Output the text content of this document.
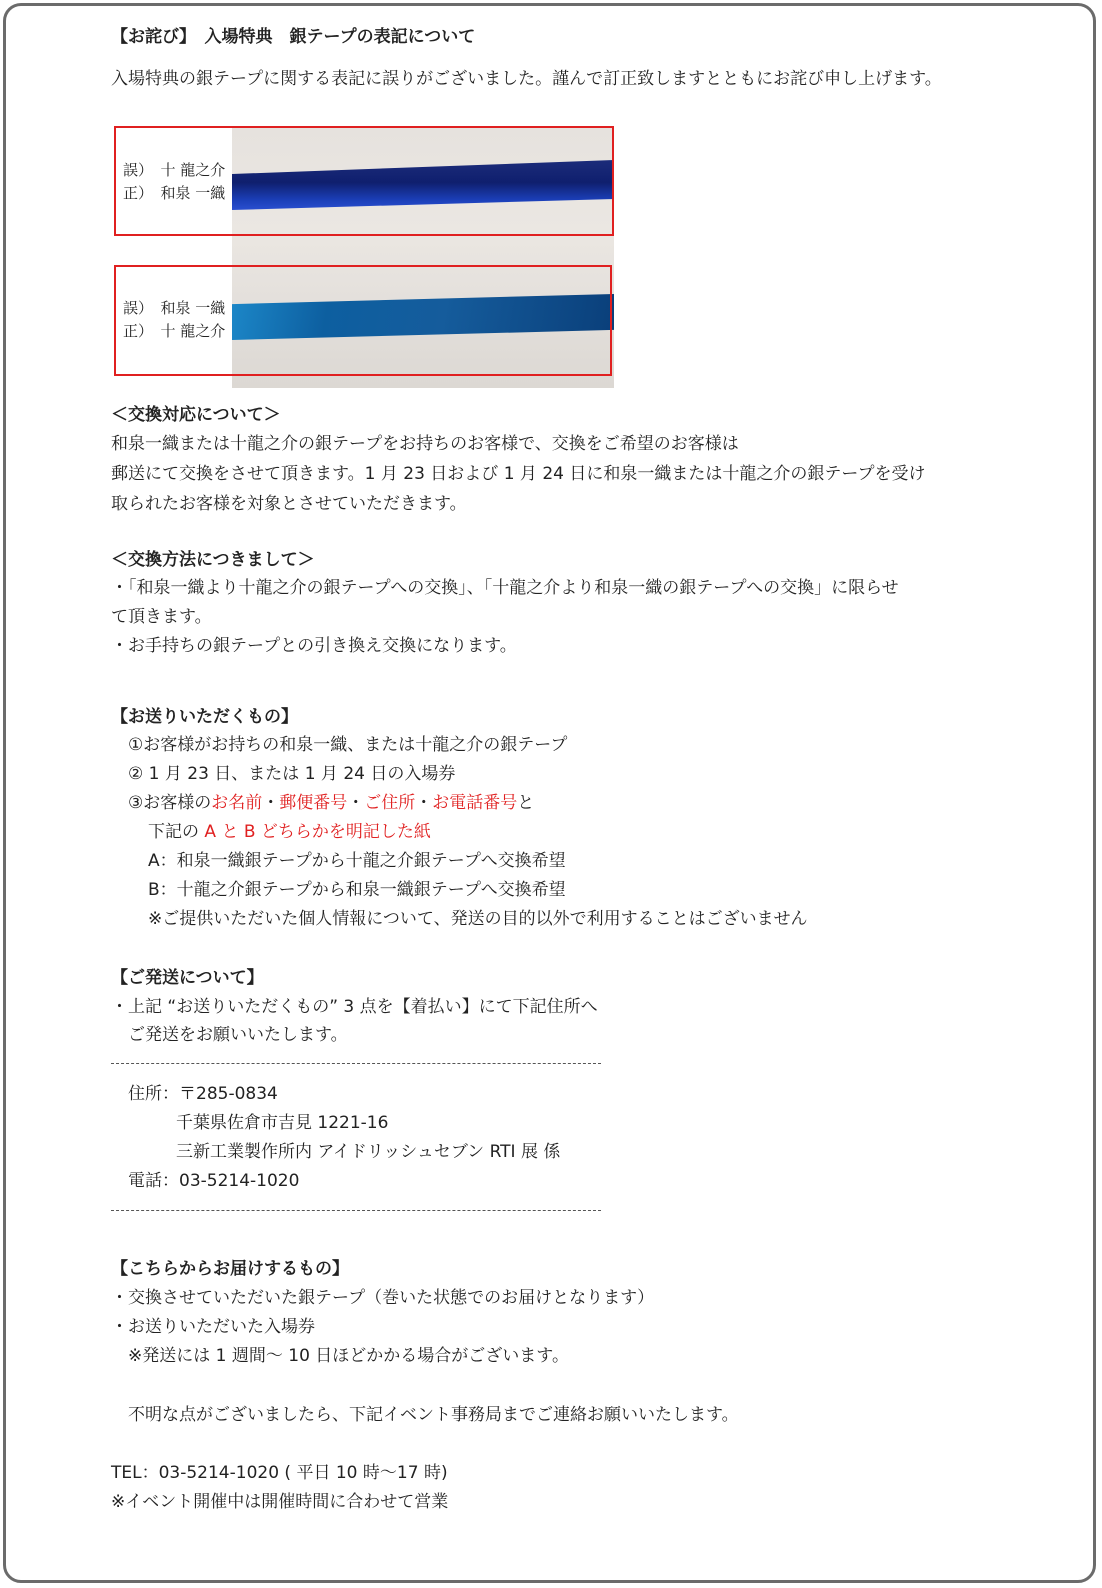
【お詫び】　入場特典　銀テープの表記について
入場特典の銀テープに関する表記に誤りがございました。謹んで訂正致しますとともにお詫び申し上げます。
誤）　十 龍之介
正）　和泉 一織
誤）　和泉 一織
正）　十 龍之介
＜交換対応について＞
和泉一織または十龍之介の銀テープをお持ちのお客様で、交換をご希望のお客様は
郵送にて交換をさせて頂きます。1 月 23 日および 1 月 24 日に和泉一織または十龍之介の銀テープを受け
取られたお客様を対象とさせていただきます。
＜交換方法につきまして＞
・「和泉一織より十龍之介の銀テープへの交換」、「十龍之介より和泉一織の銀テープへの交換」に限らせ
て頂きます。
・お手持ちの銀テープとの引き換え交換になります。
【お送りいただくもの】
①お客様がお持ちの和泉一織、または十龍之介の銀テープ
② 1 月 23 日、または 1 月 24 日の入場券
③お客様のお名前・郵便番号・ご住所・お電話番号と
下記の A と B どちらかを明記した紙
A：和泉一織銀テープから十龍之介銀テープへ交換希望
B：十龍之介銀テープから和泉一織銀テープへ交換希望
※ご提供いただいた個人情報について、発送の目的以外で利用することはございません
【ご発送について】
・上記 “お送りいただくもの” 3 点を【着払い】にて下記住所へ
ご発送をお願いいたします。
住所：〒285-0834
千葉県佐倉市吉見 1221-16
三新工業製作所内 アイドリッシュセブン RTI 展 係
電話：03-5214-1020
【こちらからお届けするもの】
・交換させていただいた銀テープ（巻いた状態でのお届けとなります）
・お送りいただいた入場券
※発送には 1 週間～ 10 日ほどかかる場合がございます。
不明な点がございましたら、下記イベント事務局までご連絡お願いいたします。
TEL：03-5214-1020 ( 平日 10 時～17 時)
※イベント開催中は開催時間に合わせて営業
